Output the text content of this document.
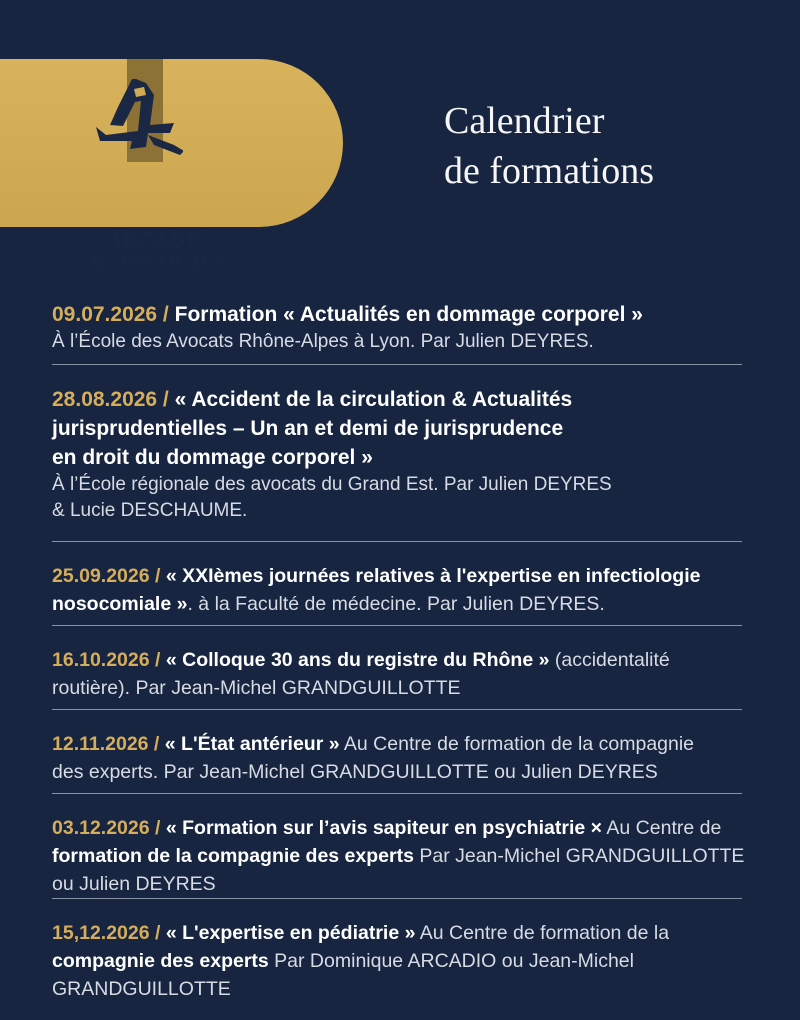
ARCADIO
& ASSOCIÉS
Calendrier
de formations

09.07.2026 / Formation « Actualités en dommage corporel »

À l’École des Avocats Rhône-Alpes à Lyon. Par Julien DEYRES.

28.08.2026 / « Accident de la circulation & Actualités

jurisprudentielles – Un an et demi de jurisprudence

en droit du dommage corporel »

À l’École régionale des avocats du Grand Est. Par Julien DEYRES

& Lucie DESCHAUME.

25.09.2026 / « XXIèmes journées relatives à l'expertise en infectiologie

nosocomiale ». à la Faculté de médecine. Par Julien DEYRES.

16.10.2026 / « Colloque 30 ans du registre du Rhône » (accidentalité

routière). Par Jean-Michel GRANDGUILLOTTE

12.11.2026 / « L'État antérieur » Au Centre de formation de la compagnie

des experts. Par Jean-Michel GRANDGUILLOTTE ou Julien DEYRES

03.12.2026 / « Formation sur l’avis sapiteur en psychiatrie × Au Centre de

formation de la compagnie des experts Par Jean-Michel GRANDGUILLOTTE

ou Julien DEYRES

15,12.2026 / « L'expertise en pédiatrie » Au Centre de formation de la

compagnie des experts Par Dominique ARCADIO ou Jean-Michel

GRANDGUILLOTTE
